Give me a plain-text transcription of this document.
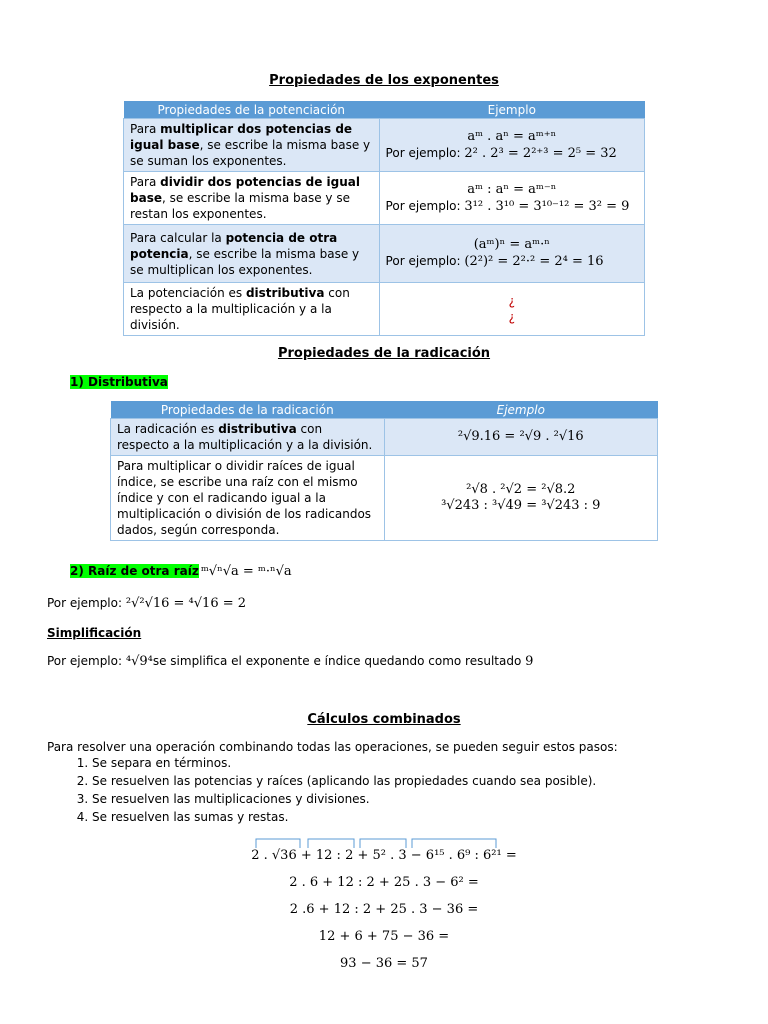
Propiedades de los exponentes
Propiedades de la potenciación	Ejemplo
Para multiplicar dos potencias de igual base, se escribe la misma base y se suman los exponentes.	aᵐ . aⁿ = aᵐ⁺ⁿ
Por ejemplo: 2² . 2³ = 2²⁺³ = 2⁵ = 32

Para dividir dos potencias de igual base, se escribe la misma base y se restan los exponentes.	aᵐ : aⁿ = aᵐ⁻ⁿ
Por ejemplo: 3¹² . 3¹⁰ = 3¹⁰⁻¹² = 3² = 9

Para calcular la potencia de otra potencia, se escribe la misma base y se multiplican los exponentes.	(aᵐ)ⁿ = aᵐ·ⁿ
Por ejemplo: (2²)² = 2²·² = 2⁴ = 16

La potenciación es distributiva con respecto a la multiplicación y a la división.	¿
¿
Propiedades de la radicación
1) Distributiva
Propiedades de la radicación	Ejemplo
La radicación es distributiva con respecto a la multiplicación y a la división.	²√9.16 = ²√9 . ²√16
Para multiplicar o dividir raíces de igual índice, se escribe una raíz con el mismo índice y con el radicando igual a la multiplicación o división de los radicandos dados, según corresponda.	²√8 . ²√2 = ²√8.2
³√243 : ³√49 = ³√243 : 9
2) Raíz de otra raíz ᵐ√ⁿ√a = ᵐ·ⁿ√a
Por ejemplo: ²√²√16 = ⁴√16 = 2
Simplificación
Por ejemplo: ⁴√9⁴se simplifica el exponente e índice quedando como resultado 9
Cálculos combinados
Para resolver una operación combinando todas las operaciones, se pueden seguir estos pasos:
1. Se separa en términos.
2. Se resuelven las potencias y raíces (aplicando las propiedades cuando sea posible).
3. Se resuelven las multiplicaciones y divisiones.
4. Se resuelven las sumas y restas.
2 . √36 + 12 : 2 + 5² . 3 − 6¹⁵ . 6⁹ : 6²¹ =
2 . 6 + 12 : 2 + 25 . 3 − 6² =
2 .6 + 12 : 2 + 25 . 3 − 36 =
12 + 6 + 75 − 36 =
93 − 36 = 57
